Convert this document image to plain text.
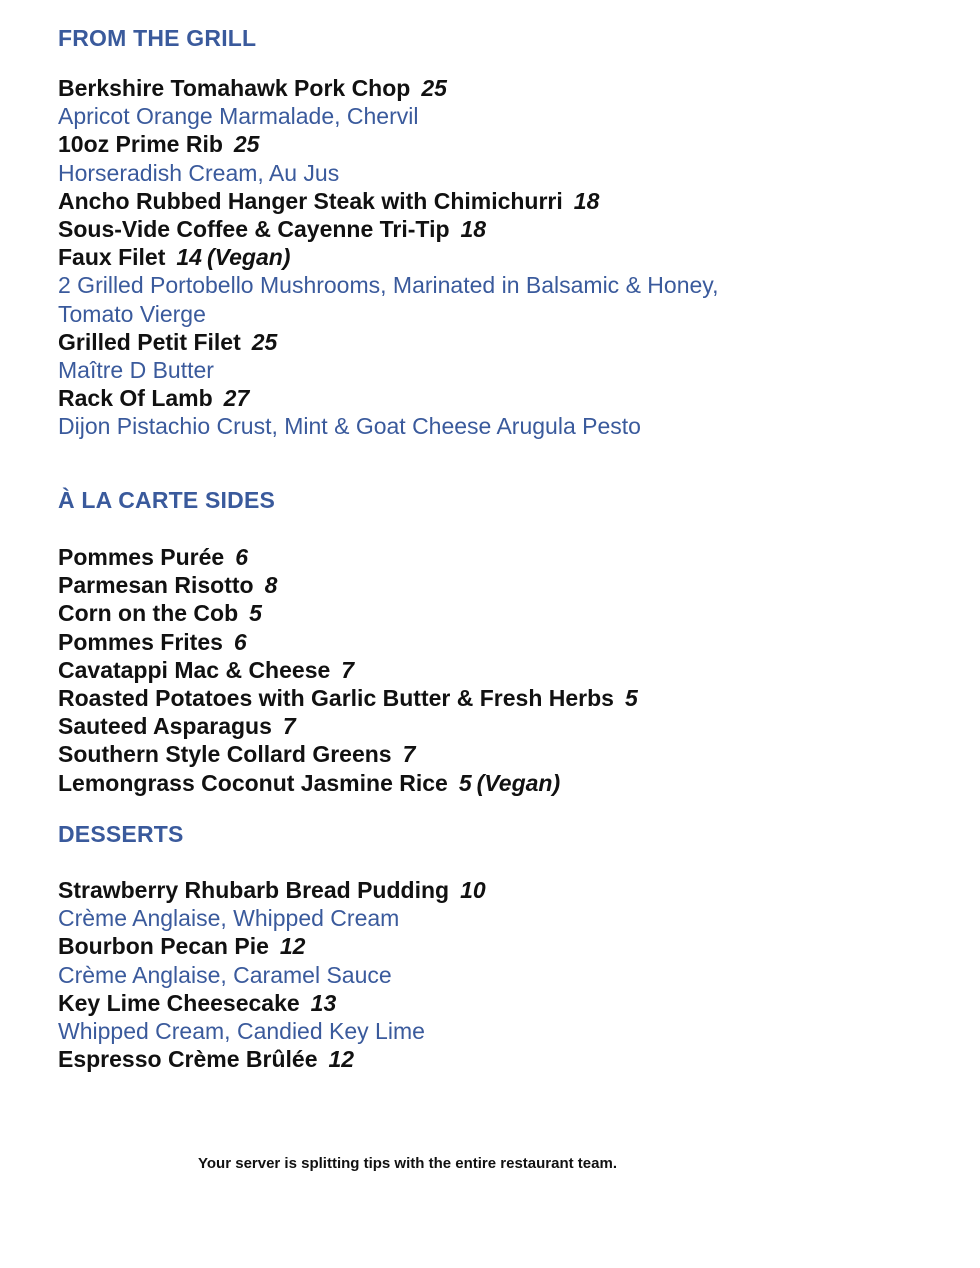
FROM THE GRILL
Berkshire Tomahawk Pork Chop 25
Apricot Orange Marmalade, Chervil
10oz Prime Rib 25
Horseradish Cream, Au Jus
Ancho Rubbed Hanger Steak with Chimichurri 18
Sous-Vide Coffee & Cayenne Tri-Tip 18
Faux Filet 14 (Vegan)
2 Grilled Portobello Mushrooms, Marinated in Balsamic & Honey,
Tomato Vierge
Grilled Petit Filet 25
Maître D Butter
Rack Of Lamb 27
Dijon Pistachio Crust, Mint & Goat Cheese Arugula Pesto
À LA CARTE SIDES
Pommes Purée 6
Parmesan Risotto 8
Corn on the Cob 5
Pommes Frites 6
Cavatappi Mac & Cheese 7
Roasted Potatoes with Garlic Butter & Fresh Herbs 5
Sauteed Asparagus 7
Southern Style Collard Greens 7
Lemongrass Coconut Jasmine Rice 5 (Vegan)
DESSERTS
Strawberry Rhubarb Bread Pudding 10
Crème Anglaise, Whipped Cream
Bourbon Pecan Pie 12
Crème Anglaise, Caramel Sauce
Key Lime Cheesecake 13
Whipped Cream, Candied Key Lime
Espresso Crème Brûlée 12
Your server is splitting tips with the entire restaurant team.
